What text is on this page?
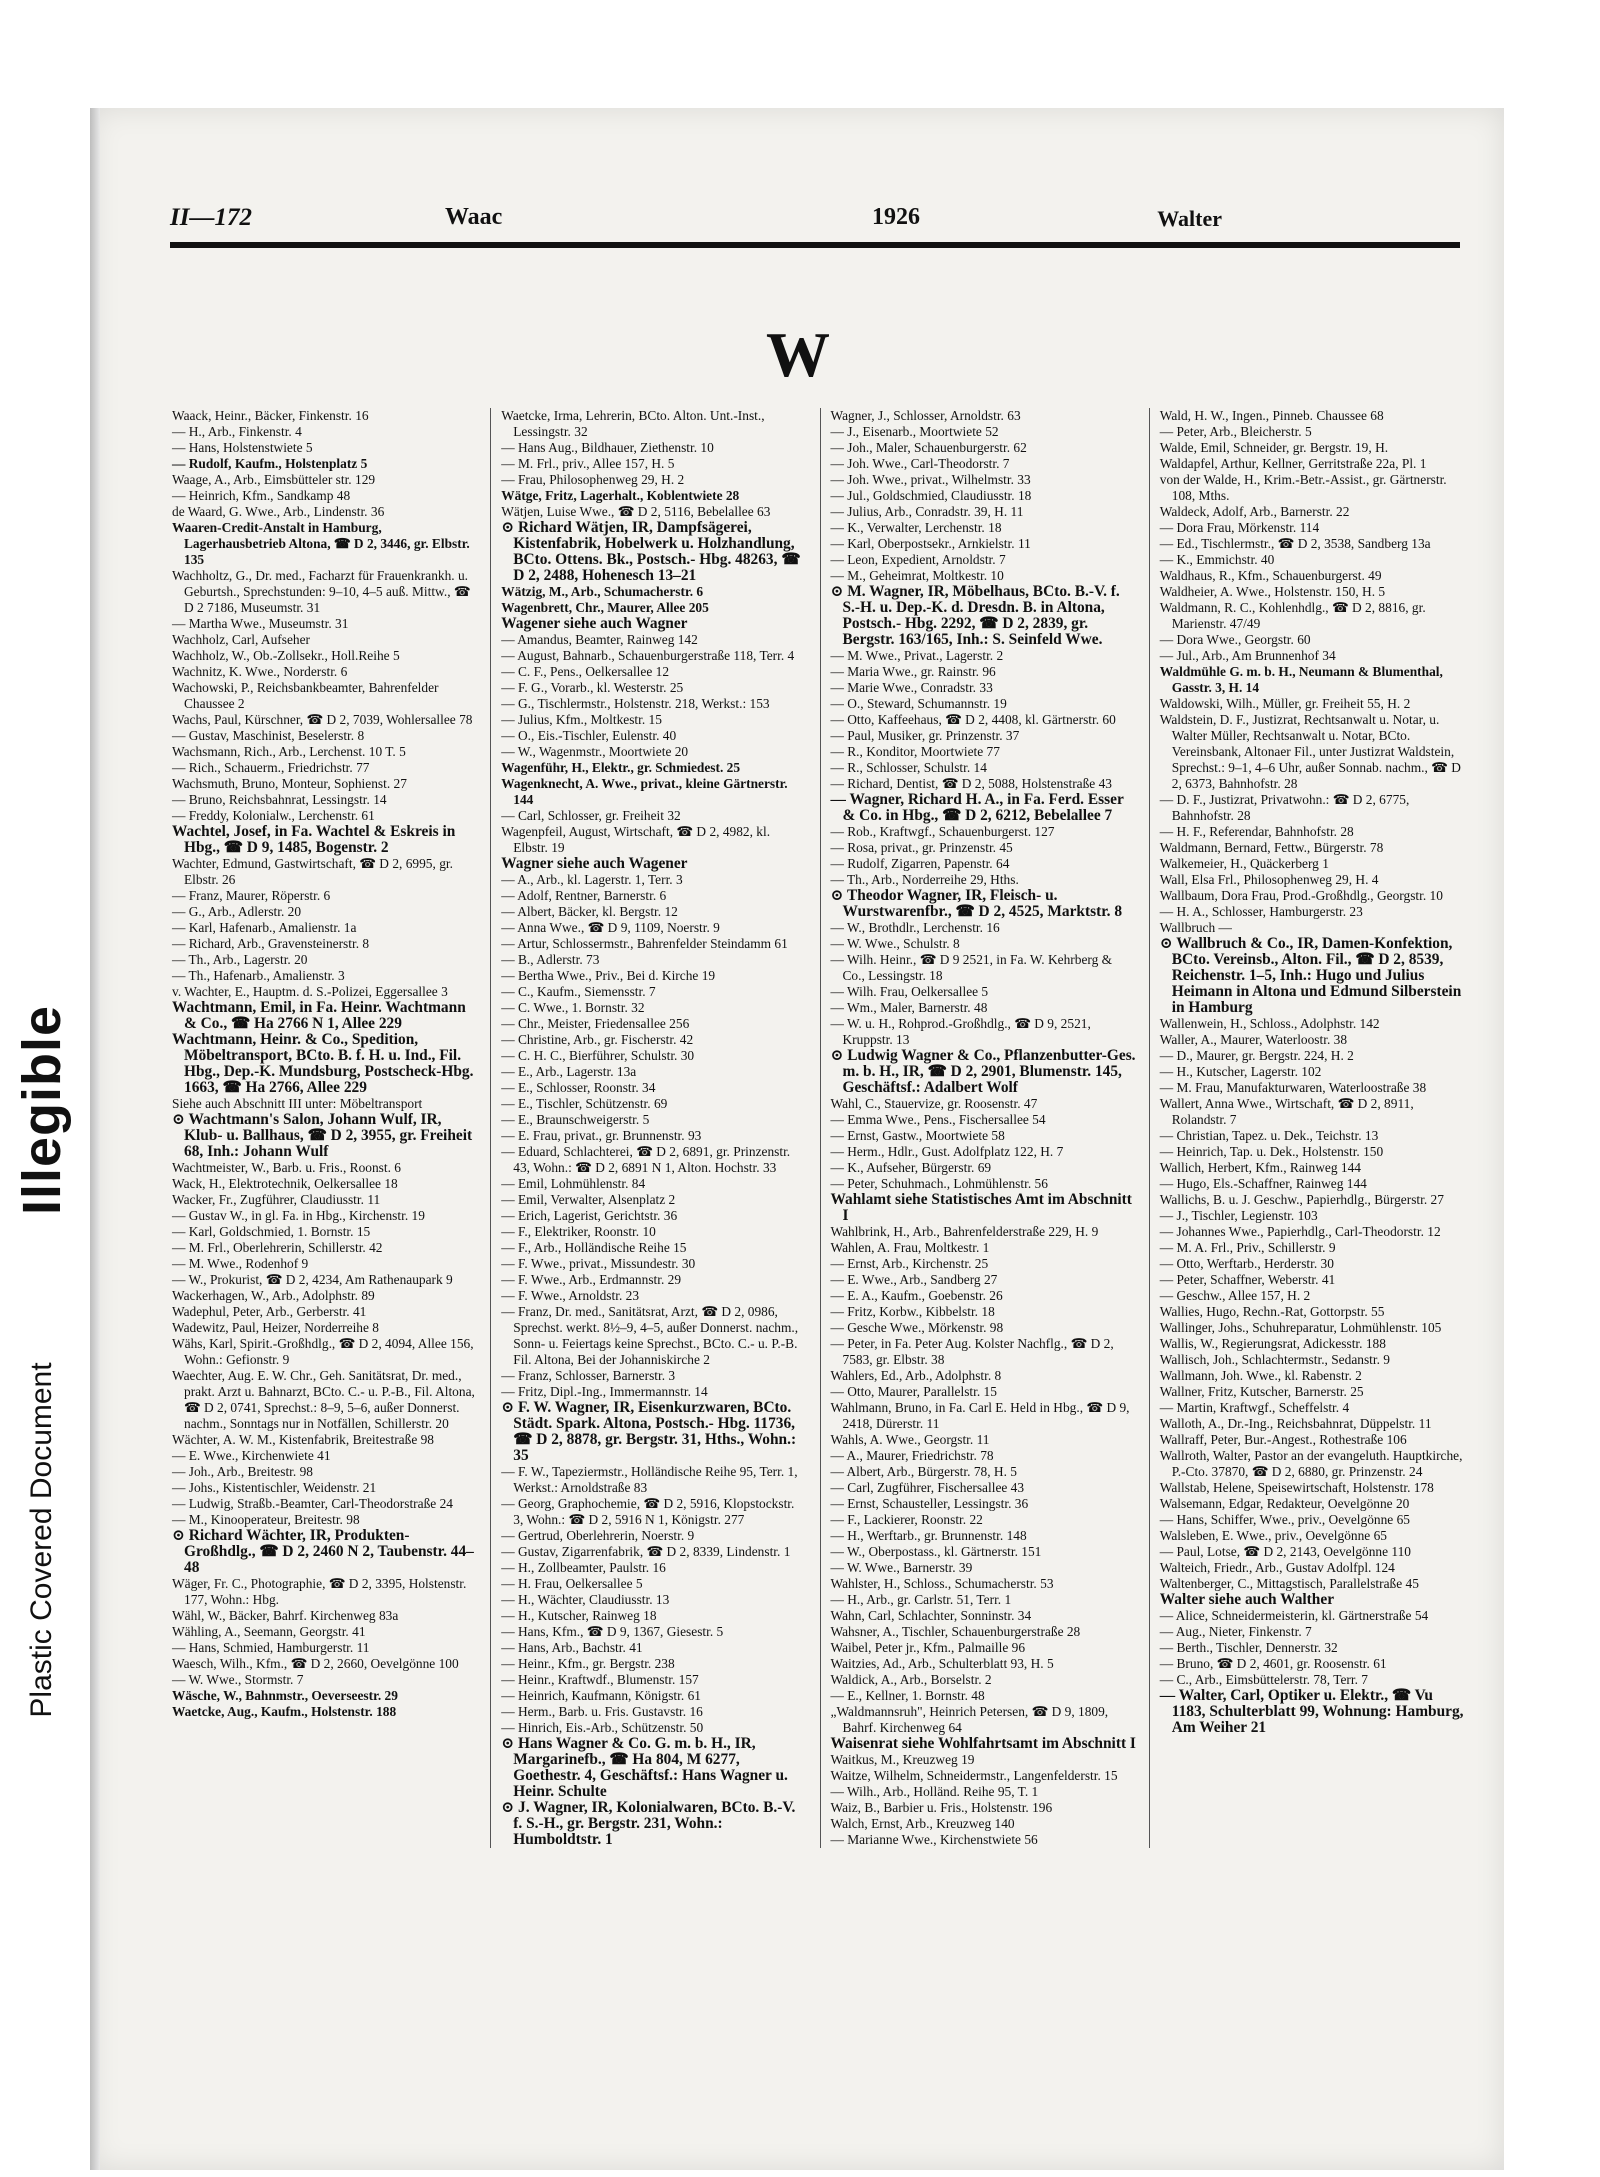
Illegible
Plastic Covered Document
II—172	Waac	1926	Walter
W
Waack, Heinr., Bäcker, Finkenstr. 16
— H., Arb., Finkenstr. 4
— Hans, Holstenstwiete 5
— Rudolf, Kaufm., Holstenplatz 5
Waage, A., Arb., Eimsbütteler str. 129
— Heinrich, Kfm., Sandkamp 48
de Waard, G. Wwe., Arb., Lindenstr. 36
Waaren-Credit-Anstalt in Hamburg, Lagerhausbetrieb Altona, ☎ D 2, 3446, gr. Elbstr. 135
Wachholtz, G., Dr. med., Facharzt für Frauenkrankh. u. Geburtsh., Sprechstunden: 9–10, 4–5 auß. Mittw., ☎ D 2 7186, Museumstr. 31
— Martha Wwe., Museumstr. 31
Wachholz, Carl, Aufseher
Wachholz, W., Ob.-Zollsekr., Holl.Reihe 5
Wachnitz, K. Wwe., Norderstr. 6
Wachowski, P., Reichsbankbeamter, Bahrenfelder Chaussee 2
Wachs, Paul, Kürschner, ☎ D 2, 7039, Wohlersallee 78
— Gustav, Maschinist, Beselerstr. 8
Wachsmann, Rich., Arb., Lerchenst. 10 T. 5
— Rich., Schauerm., Friedrichstr. 77
Wachsmuth, Bruno, Monteur, Sophienst. 27
— Bruno, Reichsbahnrat, Lessingstr. 14
— Freddy, Kolonialw., Lerchenstr. 61
Wachtel, Josef, in Fa. Wachtel & Eskreis in Hbg., ☎ D 9, 1485, Bogenstr. 2
Wachter, Edmund, Gastwirtschaft, ☎ D 2, 6995, gr. Elbstr. 26
— Franz, Maurer, Röperstr. 6
— G., Arb., Adlerstr. 20
— Karl, Hafenarb., Amalienstr. 1a
— Richard, Arb., Gravensteinerstr. 8
— Th., Arb., Lagerstr. 20
— Th., Hafenarb., Amalienstr. 3
v. Wachter, E., Hauptm. d. S.-Polizei, Eggersallee 3
Wachtmann, Emil, in Fa. Heinr. Wachtmann & Co., ☎ Ha 2766 N 1, Allee 229
Wachtmann, Heinr. & Co., Spedition, Möbeltransport, BCto. B. f. H. u. Ind., Fil. Hbg., Dep.-K. Mundsburg, Postscheck-Hbg. 1663, ☎ Ha 2766, Allee 229
Siehe auch Abschnitt III unter: Möbeltransport
⊙ Wachtmann's Salon, Johann Wulf, IR, Klub- u. Ballhaus, ☎ D 2, 3955, gr. Freiheit 68, Inh.: Johann Wulf
Wachtmeister, W., Barb. u. Fris., Roonst. 6
Wack, H., Elektrotechnik, Oelkersallee 18
Wacker, Fr., Zugführer, Claudiusstr. 11
— Gustav W., in gl. Fa. in Hbg., Kirchenstr. 19
— Karl, Goldschmied, 1. Bornstr. 15
— M. Frl., Oberlehrerin, Schillerstr. 42
— M. Wwe., Rodenhof 9
— W., Prokurist, ☎ D 2, 4234, Am Rathenaupark 9
Wackerhagen, W., Arb., Adolphstr. 89
Wadephul, Peter, Arb., Gerberstr. 41
Wadewitz, Paul, Heizer, Norderreihe 8
Wähs, Karl, Spirit.-Großhdlg., ☎ D 2, 4094, Allee 156, Wohn.: Gefionstr. 9
Waechter, Aug. E. W. Chr., Geh. Sanitätsrat, Dr. med., prakt. Arzt u. Bahnarzt, BCto. C.- u. P.-B., Fil. Altona, ☎ D 2, 0741, Sprechst.: 8–9, 5–6, außer Donnerst. nachm., Sonntags nur in Notfällen, Schillerstr. 20
Wächter, A. W. M., Kistenfabrik, Breitestraße 98
— E. Wwe., Kirchenwiete 41
— Joh., Arb., Breitestr. 98
— Johs., Kistentischler, Weidenstr. 21
— Ludwig, Straßb.-Beamter, Carl-Theodorstraße 24
— M., Kinooperateur, Breitestr. 98
⊙ Richard Wächter, IR, Produkten-Großhdlg., ☎ D 2, 2460 N 2, Taubenstr. 44–48
Wäger, Fr. C., Photographie, ☎ D 2, 3395, Holstenstr. 177, Wohn.: Hbg.
Wähl, W., Bäcker, Bahrf. Kirchenweg 83a
Wähling, A., Seemann, Georgstr. 41
— Hans, Schmied, Hamburgerstr. 11
Waesch, Wilh., Kfm., ☎ D 2, 2660, Oevelgönne 100
— W. Wwe., Stormstr. 7
Wäsche, W., Bahnmstr., Oeverseestr. 29
Waetcke, Aug., Kaufm., Holstenstr. 188
Waetcke, Irma, Lehrerin, BCto. Alton. Unt.-Inst., Lessingstr. 32
— Hans Aug., Bildhauer, Ziethenstr. 10
— M. Frl., priv., Allee 157, H. 5
— Frau, Philosophenweg 29, H. 2
Wätge, Fritz, Lagerhalt., Koblentwiete 28
Wätjen, Luise Wwe., ☎ D 2, 5116, Bebelallee 63
⊙ Richard Wätjen, IR, Dampfsägerei, Kistenfabrik, Hobelwerk u. Holzhandlung, BCto. Ottens. Bk., Postsch.- Hbg. 48263, ☎ D 2, 2488, Hohenesch 13–21
Wätzig, M., Arb., Schumacherstr. 6
Wagenbrett, Chr., Maurer, Allee 205
Wagener siehe auch Wagner
— Amandus, Beamter, Rainweg 142
— August, Bahnarb., Schauenburgerstraße 118, Terr. 4
— C. F., Pens., Oelkersallee 12
— F. G., Vorarb., kl. Westerstr. 25
— G., Tischlermstr., Holstenstr. 218, Werkst.: 153
— Julius, Kfm., Moltkestr. 15
— O., Eis.-Tischler, Eulenstr. 40
— W., Wagenmstr., Moortwiete 20
Wagenführ, H., Elektr., gr. Schmiedest. 25
Wagenknecht, A. Wwe., privat., kleine Gärtnerstr. 144
— Carl, Schlosser, gr. Freiheit 32
Wagenpfeil, August, Wirtschaft, ☎ D 2, 4982, kl. Elbstr. 19
Wagner siehe auch Wagener
— A., Arb., kl. Lagerstr. 1, Terr. 3
— Adolf, Rentner, Barnerstr. 6
— Albert, Bäcker, kl. Bergstr. 12
— Anna Wwe., ☎ D 9, 1109, Noerstr. 9
— Artur, Schlossermstr., Bahrenfelder Steindamm 61
— B., Adlerstr. 73
— Bertha Wwe., Priv., Bei d. Kirche 19
— C., Kaufm., Siemensstr. 7
— C. Wwe., 1. Bornstr. 32
— Chr., Meister, Friedensallee 256
— Christine, Arb., gr. Fischerstr. 42
— C. H. C., Bierführer, Schulstr. 30
— E., Arb., Lagerstr. 13a
— E., Schlosser, Roonstr. 34
— E., Tischler, Schützenstr. 69
— E., Braunschweigerstr. 5
— E. Frau, privat., gr. Brunnenstr. 93
— Eduard, Schlachterei, ☎ D 2, 6891, gr. Prinzenstr. 43, Wohn.: ☎ D 2, 6891 N 1, Alton. Hochstr. 33
— Emil, Lohmühlenstr. 84
— Emil, Verwalter, Alsenplatz 2
— Erich, Lagerist, Gerichtstr. 36
— F., Elektriker, Roonstr. 10
— F., Arb., Holländische Reihe 15
— F. Wwe., privat., Missundestr. 30
— F. Wwe., Arb., Erdmannstr. 29
— F. Wwe., Arnoldstr. 23
— Franz, Dr. med., Sanitätsrat, Arzt, ☎ D 2, 0986, Sprechst. werkt. 8½–9, 4–5, außer Donnerst. nachm., Sonn- u. Feiertags keine Sprechst., BCto. C.- u. P.-B. Fil. Altona, Bei der Johanniskirche 2
— Franz, Schlosser, Barnerstr. 3
— Fritz, Dipl.-Ing., Immermannstr. 14
⊙ F. W. Wagner, IR, Eisenkurzwaren, BCto. Städt. Spark. Altona, Postsch.- Hbg. 11736, ☎ D 2, 8878, gr. Bergstr. 31, Hths., Wohn.: 35
— F. W., Tapeziermstr., Holländische Reihe 95, Terr. 1, Werkst.: Arnoldstraße 83
— Georg, Graphochemie, ☎ D 2, 5916, Klopstockstr. 3, Wohn.: ☎ D 2, 5916 N 1, Königstr. 277
— Gertrud, Oberlehrerin, Noerstr. 9
— Gustav, Zigarrenfabrik, ☎ D 2, 8339, Lindenstr. 1
— H., Zollbeamter, Paulstr. 16
— H. Frau, Oelkersallee 5
— H., Wächter, Claudiusstr. 13
— H., Kutscher, Rainweg 18
— Hans, Kfm., ☎ D 9, 1367, Giesestr. 5
— Hans, Arb., Bachstr. 41
— Heinr., Kfm., gr. Bergstr. 238
— Heinr., Kraftwdf., Blumenstr. 157
— Heinrich, Kaufmann, Königstr. 61
— Herm., Barb. u. Fris. Gustavstr. 16
— Hinrich, Eis.-Arb., Schützenstr. 50
⊙ Hans Wagner & Co. G. m. b. H., IR, Margarinefb., ☎ Ha 804, M 6277, Goethestr. 4, Geschäftsf.: Hans Wagner u. Heinr. Schulte
⊙ J. Wagner, IR, Kolonialwaren, BCto. B.-V. f. S.-H., gr. Bergstr. 231, Wohn.: Humboldtstr. 1
Wagner, J., Schlosser, Arnoldstr. 63
— J., Eisenarb., Moortwiete 52
— Joh., Maler, Schauenburgerstr. 62
— Joh. Wwe., Carl-Theodorstr. 7
— Joh. Wwe., privat., Wilhelmstr. 33
— Jul., Goldschmied, Claudiusstr. 18
— Julius, Arb., Conradstr. 39, H. 11
— K., Verwalter, Lerchenstr. 18
— Karl, Oberpostsekr., Arnkielstr. 11
— Leon, Expedient, Arnoldstr. 7
— M., Geheimrat, Moltkestr. 10
⊙ M. Wagner, IR, Möbelhaus, BCto. B.-V. f. S.-H. u. Dep.-K. d. Dresdn. B. in Altona, Postsch.- Hbg. 2292, ☎ D 2, 2839, gr. Bergstr. 163/165, Inh.: S. Seinfeld Wwe.
— M. Wwe., Privat., Lagerstr. 2
— Maria Wwe., gr. Rainstr. 96
— Marie Wwe., Conradstr. 33
— O., Steward, Schumannstr. 19
— Otto, Kaffeehaus, ☎ D 2, 4408, kl. Gärtnerstr. 60
— Paul, Musiker, gr. Prinzenstr. 37
— R., Konditor, Moortwiete 77
— R., Schlosser, Schulstr. 14
— Richard, Dentist, ☎ D 2, 5088, Holstenstraße 43
— Wagner, Richard H. A., in Fa. Ferd. Esser & Co. in Hbg., ☎ D 2, 6212, Bebelallee 7
— Rob., Kraftwgf., Schauenburgerst. 127
— Rosa, privat., gr. Prinzenstr. 45
— Rudolf, Zigarren, Papenstr. 64
— Th., Arb., Norderreihe 29, Hths.
⊙ Theodor Wagner, IR, Fleisch- u. Wurstwarenfbr., ☎ D 2, 4525, Marktstr. 8
— W., Brothdlr., Lerchenstr. 16
— W. Wwe., Schulstr. 8
— Wilh. Heinr., ☎ D 9 2521, in Fa. W. Kehrberg & Co., Lessingstr. 18
— Wilh. Frau, Oelkersallee 5
— Wm., Maler, Barnerstr. 48
— W. u. H., Rohprod.-Großhdlg., ☎ D 9, 2521, Kruppstr. 13
⊙ Ludwig Wagner & Co., Pflanzenbutter-Ges. m. b. H., IR, ☎ D 2, 2901, Blumenstr. 145, Geschäftsf.: Adalbert Wolf
Wahl, C., Stauervize, gr. Roosenstr. 47
— Emma Wwe., Pens., Fischersallee 54
— Ernst, Gastw., Moortwiete 58
— Herm., Hdlr., Gust. Adolfplatz 122, H. 7
— K., Aufseher, Bürgerstr. 69
— Peter, Schuhmach., Lohmühlenstr. 56
Wahlamt siehe Statistisches Amt im Abschnitt I
Wahlbrink, H., Arb., Bahrenfelderstraße 229, H. 9
Wahlen, A. Frau, Moltkestr. 1
— Ernst, Arb., Kirchenstr. 25
— E. Wwe., Arb., Sandberg 27
— E. A., Kaufm., Goebenstr. 26
— Fritz, Korbw., Kibbelstr. 18
— Gesche Wwe., Mörkenstr. 98
— Peter, in Fa. Peter Aug. Kolster Nachflg., ☎ D 2, 7583, gr. Elbstr. 38
Wahlers, Ed., Arb., Adolphstr. 8
— Otto, Maurer, Parallelstr. 15
Wahlmann, Bruno, in Fa. Carl E. Held in Hbg., ☎ D 9, 2418, Dürerstr. 11
Wahls, A. Wwe., Georgstr. 11
— A., Maurer, Friedrichstr. 78
— Albert, Arb., Bürgerstr. 78, H. 5
— Carl, Zugführer, Fischersallee 43
— Ernst, Schausteller, Lessingstr. 36
— F., Lackierer, Roonstr. 22
— H., Werftarb., gr. Brunnenstr. 148
— W., Oberpostass., kl. Gärtnerstr. 151
— W. Wwe., Barnerstr. 39
Wahlster, H., Schloss., Schumacherstr. 53
— H., Arb., gr. Carlstr. 51, Terr. 1
Wahn, Carl, Schlachter, Sonninstr. 34
Wahsner, A., Tischler, Schauenburgerstraße 28
Waibel, Peter jr., Kfm., Palmaille 96
Waitzies, Ad., Arb., Schulterblatt 93, H. 5
Waldick, A., Arb., Borselstr. 2
— E., Kellner, 1. Bornstr. 48
„Waldmannsruh", Heinrich Petersen, ☎ D 9, 1809, Bahrf. Kirchenweg 64
Waisenrat siehe Wohlfahrtsamt im Abschnitt I
Waitkus, M., Kreuzweg 19
Waitze, Wilhelm, Schneidermstr., Langenfelderstr. 15
— Wilh., Arb., Holländ. Reihe 95, T. 1
Waiz, B., Barbier u. Fris., Holstenstr. 196
Walch, Ernst, Arb., Kreuzweg 140
— Marianne Wwe., Kirchenstwiete 56
Wald, H. W., Ingen., Pinneb. Chaussee 68
— Peter, Arb., Bleicherstr. 5
Walde, Emil, Schneider, gr. Bergstr. 19, H.
Waldapfel, Arthur, Kellner, Gerritstraße 22a, Pl. 1
von der Walde, H., Krim.-Betr.-Assist., gr. Gärtnerstr. 108, Mths.
Waldeck, Adolf, Arb., Barnerstr. 22
— Dora Frau, Mörkenstr. 114
— Ed., Tischlermstr., ☎ D 2, 3538, Sandberg 13a
— K., Emmichstr. 40
Waldhaus, R., Kfm., Schauenburgerst. 49
Waldheier, A. Wwe., Holstenstr. 150, H. 5
Waldmann, R. C., Kohlenhdlg., ☎ D 2, 8816, gr. Marienstr. 47/49
— Dora Wwe., Georgstr. 60
— Jul., Arb., Am Brunnenhof 34
Waldmühle G. m. b. H., Neumann & Blumenthal, Gasstr. 3, H. 14
Waldowski, Wilh., Müller, gr. Freiheit 55, H. 2
Waldstein, D. F., Justizrat, Rechtsanwalt u. Notar, u. Walter Müller, Rechtsanwalt u. Notar, BCto. Vereinsbank, Altonaer Fil., unter Justizrat Waldstein, Sprechst.: 9–1, 4–6 Uhr, außer Sonnab. nachm., ☎ D 2, 6373, Bahnhofstr. 28
— D. F., Justizrat, Privatwohn.: ☎ D 2, 6775, Bahnhofstr. 28
— H. F., Referendar, Bahnhofstr. 28
Waldmann, Bernard, Fettw., Bürgerstr. 78
Walkemeier, H., Quäckerberg 1
Wall, Elsa Frl., Philosophenweg 29, H. 4
Wallbaum, Dora Frau, Prod.-Großhdlg., Georgstr. 10
— H. A., Schlosser, Hamburgerstr. 23
Wallbruch —
⊙ Wallbruch & Co., IR, Damen-Konfektion, BCto. Vereinsb., Alton. Fil., ☎ D 2, 8539, Reichenstr. 1–5, Inh.: Hugo und Julius Heimann in Altona und Edmund Silberstein in Hamburg
Wallenwein, H., Schloss., Adolphstr. 142
Waller, A., Maurer, Waterloostr. 38
— D., Maurer, gr. Bergstr. 224, H. 2
— H., Kutscher, Lagerstr. 102
— M. Frau, Manufakturwaren, Waterloostraße 38
Wallert, Anna Wwe., Wirtschaft, ☎ D 2, 8911, Rolandstr. 7
— Christian, Tapez. u. Dek., Teichstr. 13
— Heinrich, Tap. u. Dek., Holstenstr. 150
Wallich, Herbert, Kfm., Rainweg 144
— Hugo, Els.-Schaffner, Rainweg 144
Wallichs, B. u. J. Geschw., Papierhdlg., Bürgerstr. 27
— J., Tischler, Legienstr. 103
— Johannes Wwe., Papierhdlg., Carl-Theodorstr. 12
— M. A. Frl., Priv., Schillerstr. 9
— Otto, Werftarb., Herderstr. 30
— Peter, Schaffner, Weberstr. 41
— Geschw., Allee 157, H. 2
Wallies, Hugo, Rechn.-Rat, Gottorpstr. 55
Wallinger, Johs., Schuhreparatur, Lohmühlenstr. 105
Wallis, W., Regierungsrat, Adickesstr. 188
Wallisch, Joh., Schlachtermstr., Sedanstr. 9
Wallmann, Joh. Wwe., kl. Rabenstr. 2
Wallner, Fritz, Kutscher, Barnerstr. 25
— Martin, Kraftwgf., Scheffelstr. 4
Walloth, A., Dr.-Ing., Reichsbahnrat, Düppelstr. 11
Wallraff, Peter, Bur.-Angest., Rothestraße 106
Wallroth, Walter, Pastor an der evangeluth. Hauptkirche, P.-Cto. 37870, ☎ D 2, 6880, gr. Prinzenstr. 24
Wallstab, Helene, Speisewirtschaft, Holstenstr. 178
Walsemann, Edgar, Redakteur, Oevelgönne 20
— Hans, Schiffer, Wwe., priv., Oevelgönne 65
Walsleben, E. Wwe., priv., Oevelgönne 65
— Paul, Lotse, ☎ D 2, 2143, Oevelgönne 110
Walteich, Friedr., Arb., Gustav Adolfpl. 124
Waltenberger, C., Mittagstisch, Parallelstraße 45
Walter siehe auch Walther
— Alice, Schneidermeisterin, kl. Gärtnerstraße 54
— Aug., Nieter, Finkenstr. 7
— Berth., Tischler, Dennerstr. 32
— Bruno, ☎ D 2, 4601, gr. Roosenstr. 61
— C., Arb., Eimsbüttelerstr. 78, Terr. 7
— Walter, Carl, Optiker u. Elektr., ☎ Vu 1183, Schulterblatt 99, Wohnung: Hamburg, Am Weiher 21
